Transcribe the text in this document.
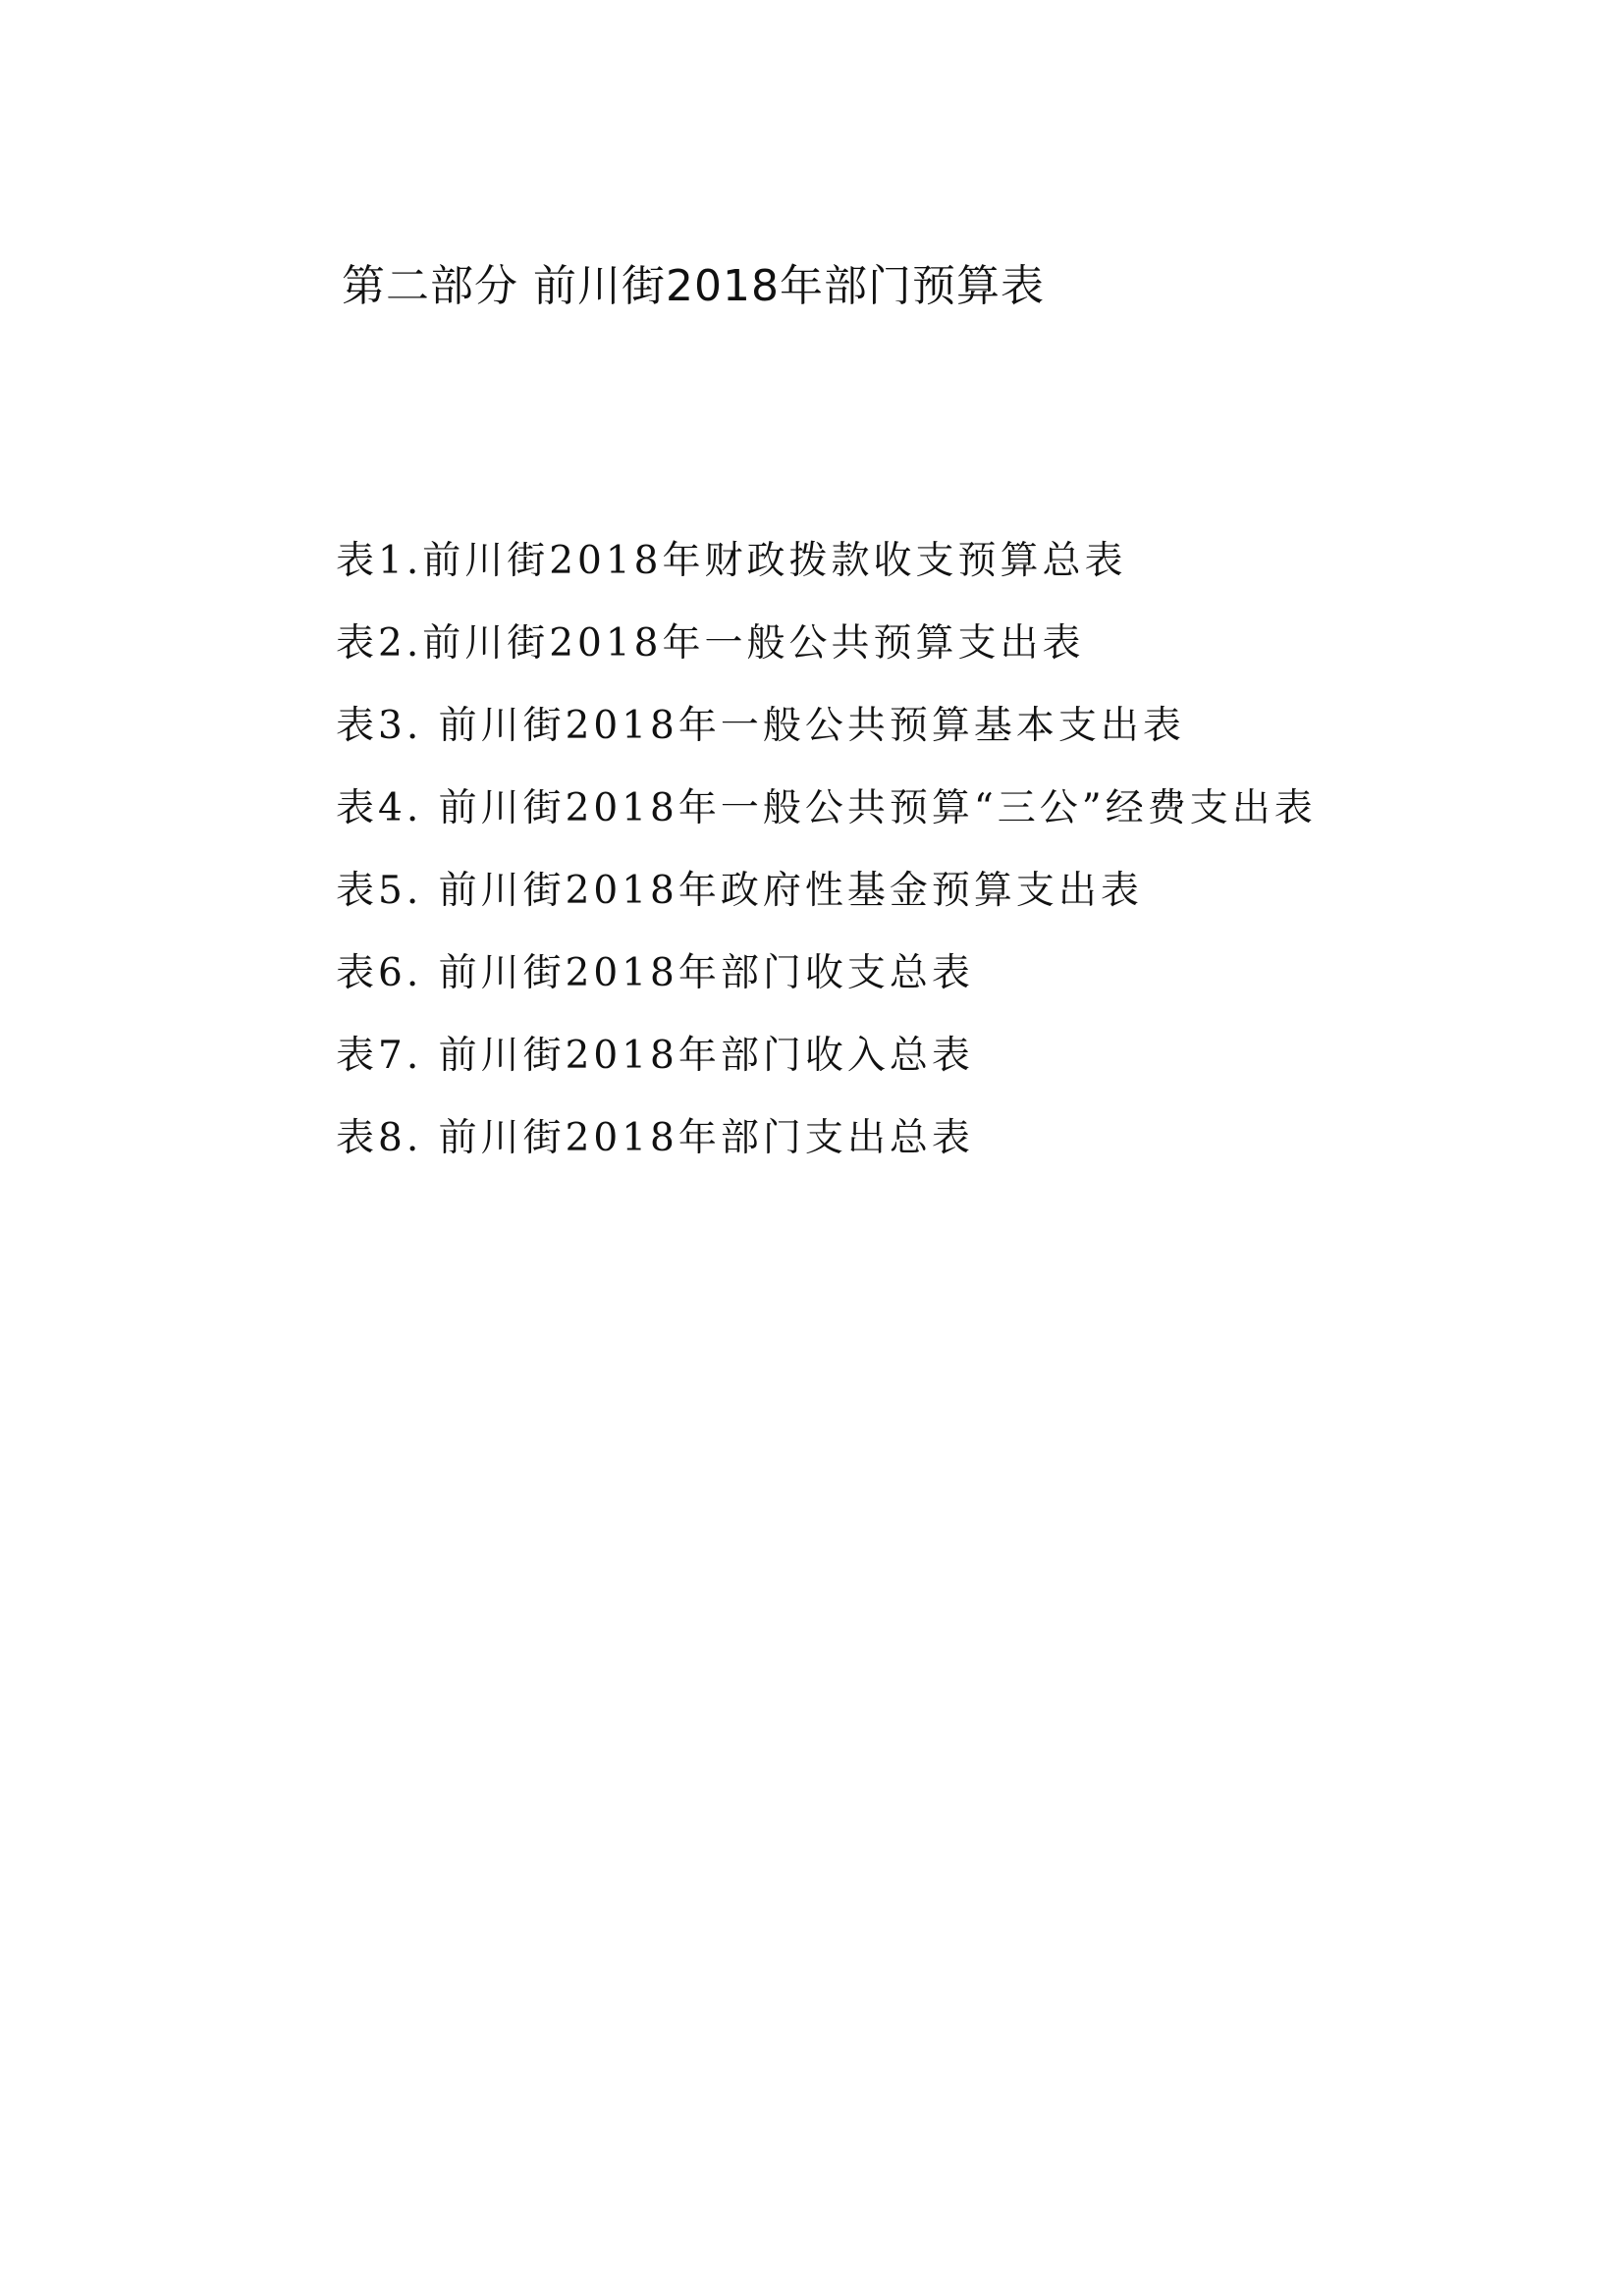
第二部分 前川街2018年部门预算表
表1.前川街2018年财政拨款收支预算总表
表2.前川街2018年一般公共预算支出表
表3. 前川街2018年一般公共预算基本支出表
表4. 前川街2018年一般公共预算“三公”经费支出表
表5. 前川街2018年政府性基金预算支出表
表6. 前川街2018年部门收支总表
表7. 前川街2018年部门收入总表
表8. 前川街2018年部门支出总表
